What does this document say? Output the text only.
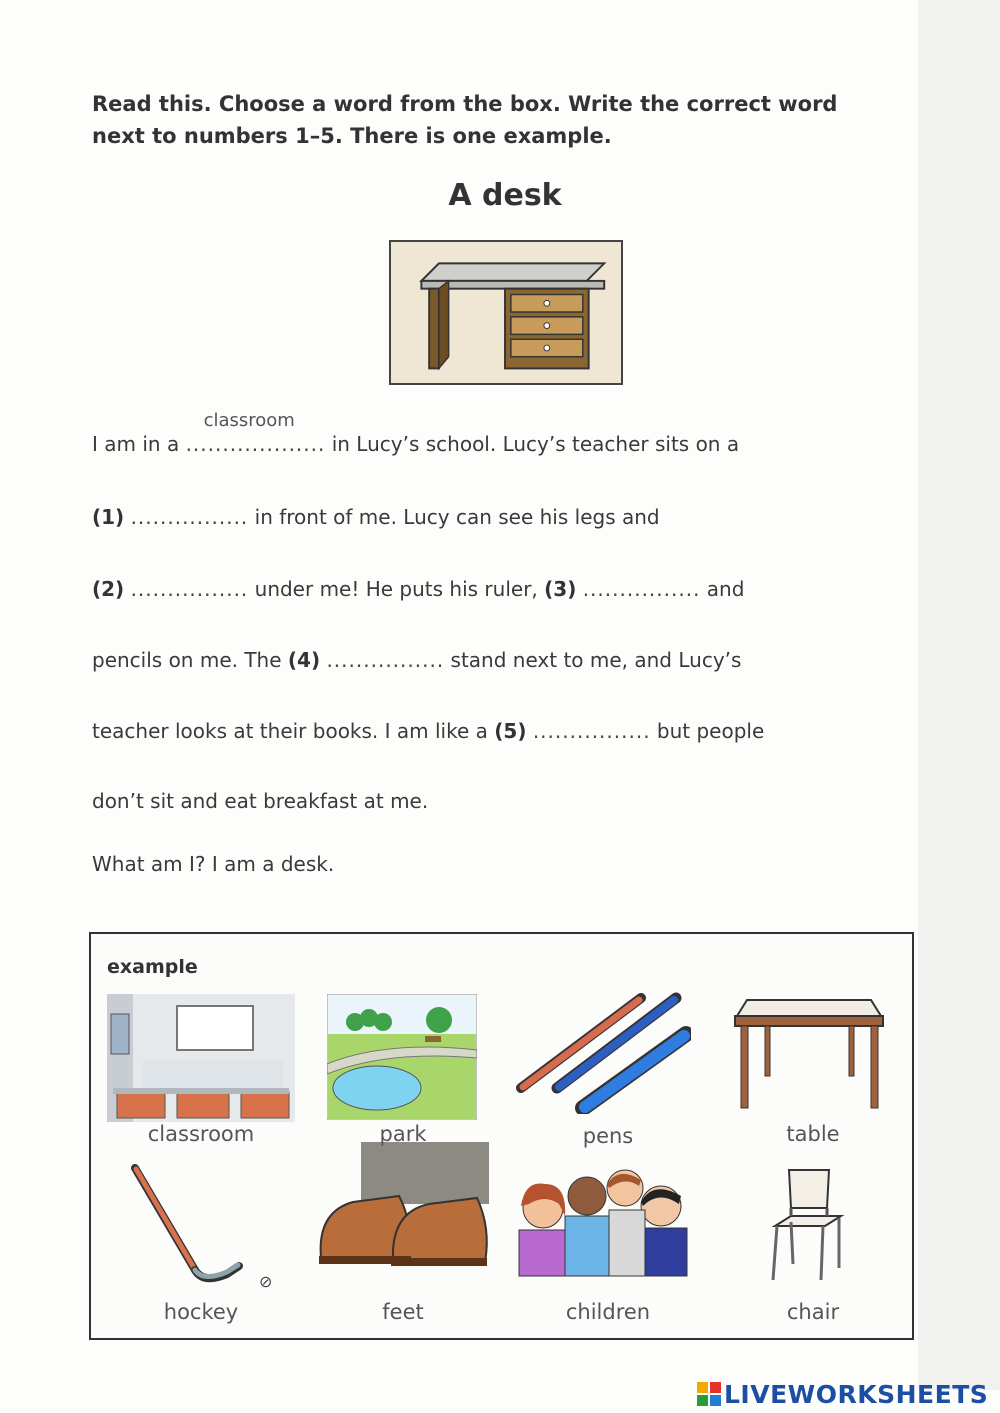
Read this. Choose a word from the box. Write the correct word
next to numbers 1–5. There is one example.
A desk
I am in a
classroom
................... in Lucy’s school. Lucy’s teacher sits on a
(1) ................ in front of me. Lucy can see his legs and
(2) ................ under me! He puts his ruler, (3) ................ and
pencils on me. The (4) ................ stand next to me, and Lucy’s
teacher looks at their books. I am like a (5) ................ but people
don’t sit and eat breakfast at me.
What am I? I am a desk.
example
classroom	park	pens	table
hockey	feet	children	chair
⊘
LIVEWORKSHEETS
